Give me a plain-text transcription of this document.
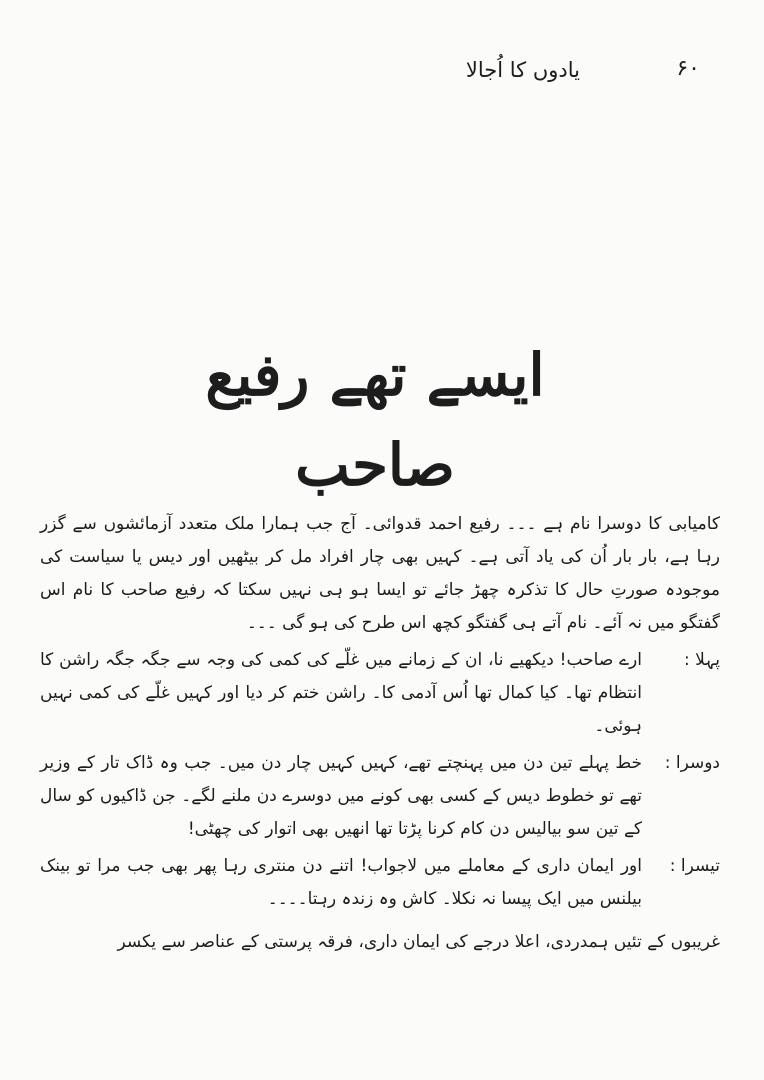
۶۰
یادوں کا اُجالا
ایسے تھے رفیع صاحب

کامیابی کا دوسرا نام ہے ۔۔۔ رفیع احمد قدوائی۔ آج جب ہمارا ملک متعدد آزمائشوں سے گزر رہا ہے، بار بار اُن کی یاد آتی ہے۔ کہیں بھی چار افراد مل کر بیٹھیں اور دیس یا سیاست کی موجودہ صورتِ حال کا تذکرہ چھڑ جائے تو ایسا ہو ہی نہیں سکتا کہ رفیع صاحب کا نام اس گفتگو میں نہ آئے۔ نام آتے ہی گفتگو کچھ اس طرح کی ہو گی ۔۔۔

پہلا :

ارے صاحب! دیکھیے نا، ان کے زمانے میں غلّے کی کمی کی وجہ سے جگہ جگہ راشن کا انتظام تھا۔ کیا کمال تھا اُس آدمی کا۔ راشن ختم کر دیا اور کہیں غلّے کی کمی نہیں ہوئی۔

دوسرا :

خط پہلے تین دن میں پہنچتے تھے، کہیں کہیں چار دن میں۔ جب وہ ڈاک تار کے وزیر تھے تو خطوط دیس کے کسی بھی کونے میں دوسرے دن ملنے لگے۔ جن ڈاکیوں کو سال کے تین سو بیالیس دن کام کرنا پڑتا تھا انھیں بھی اتوار کی چھٹی!

تیسرا :

اور ایمان داری کے معاملے میں لاجواب! اتنے دن منتری رہا پھر بھی جب مرا تو بینک بیلنس میں ایک پیسا نہ نکلا۔ کاش وہ زندہ رہتا۔۔۔۔

غریبوں کے تئیں ہمدردی، اعلا درجے کی ایمان داری، فرقہ پرستی کے عناصر سے یکسر
